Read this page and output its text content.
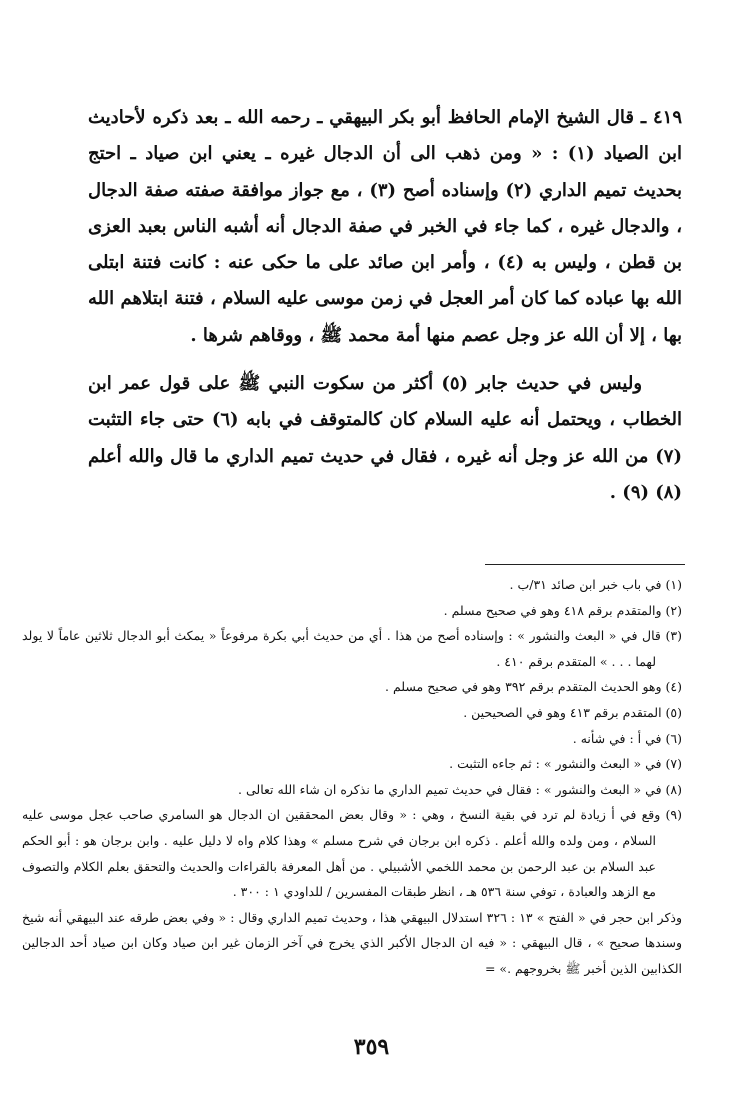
٤١٩ ـ قال الشيخ الإمام الحافظ أبو بكر البيهقي ـ رحمه الله ـ بعد ذكره لأحاديث ابن الصياد (١) : « ومن ذهب الى أن الدجال غيره ـ يعني ابن صياد ـ احتج بحديث تميم الداري (٢) وإسناده أصح (٣) ، مع جواز موافقة صفته صفة الدجال ، والدجال غيره ، كما جاء في الخبر في صفة الدجال أنه أشبه الناس بعبد العزى بن قطن ، وليس به (٤) ، وأمر ابن صائد على ما حكى عنه : كانت فتنة ابتلى الله بها عباده كما كان أمر العجل في زمن موسى عليه السلام ، فتنة ابتلاهم الله بها ، إلا أن الله عز وجل عصم منها أمة محمد ﷺ ، ووقاهم شرها .

وليس في حديث جابر (٥) أكثر من سكوت النبي ﷺ على قول عمر ابن الخطاب ، ويحتمل أنه عليه السلام كان كالمتوقف في بابه (٦) حتى جاء التثبت (٧) من الله عز وجل أنه غيره ، فقال في حديث تميم الداري ما قال والله أعلم (٨) (٩) .

(١) في باب خبر ابن صائد ٣١/ب .

(٢) والمتقدم برقم ٤١٨ وهو في صحيح مسلم .

(٣) قال في « البعث والنشور » : وإسناده أصح من هذا . أي من حديث أبي بكرة مرفوعاً « يمكث أبو الدجال ثلاثين عاماً لا يولد لهما . . . » المتقدم برقم ٤١٠ .

(٤) وهو الحديث المتقدم برقم ٣٩٢ وهو في صحيح مسلم .

(٥) المتقدم برقم ٤١٣ وهو في الصحيحين .

(٦) في أ : في شأنه .

(٧) في « البعث والنشور » : ثم جاءه التثبت .

(٨) في « البعث والنشور » : فقال في حديث تميم الداري ما نذكره ان شاء الله تعالى .

(٩) وقع في أ زيادة لم ترد في بقية النسخ ، وهي : « وقال بعض المحققين ان الدجال هو السامري صاحب عجل موسى عليه السلام ، ومن ولده والله أعلم . ذكره ابن برجان في شرح مسلم » وهذا كلام واه لا دليل عليه . وابن برجان هو : أبو الحكم عبد السلام بن عبد الرحمن بن محمد اللخمي الأشبيلي . من أهل المعرفة بالقراءات والحديث والتحقق بعلم الكلام والتصوف مع الزهد والعبادة ، توفي سنة ٥٣٦ هـ ، انظر طبقات المفسرين / للداودي ١ : ٣٠٠ .

وذكر ابن حجر في « الفتح » ١٣ : ٣٢٦ استدلال البيهقي هذا ، وحديث تميم الداري وقال : « وفي بعض طرقه عند البيهقي أنه شيخ وسندها صحيح » ، قال البيهقي : « فيه ان الدجال الأكبر الذي يخرج في آخر الزمان غير ابن صياد وكان ابن صياد أحد الدجالين الكذابين الذين أخبر ﷺ بخروجهم .» =

٣٥٩
